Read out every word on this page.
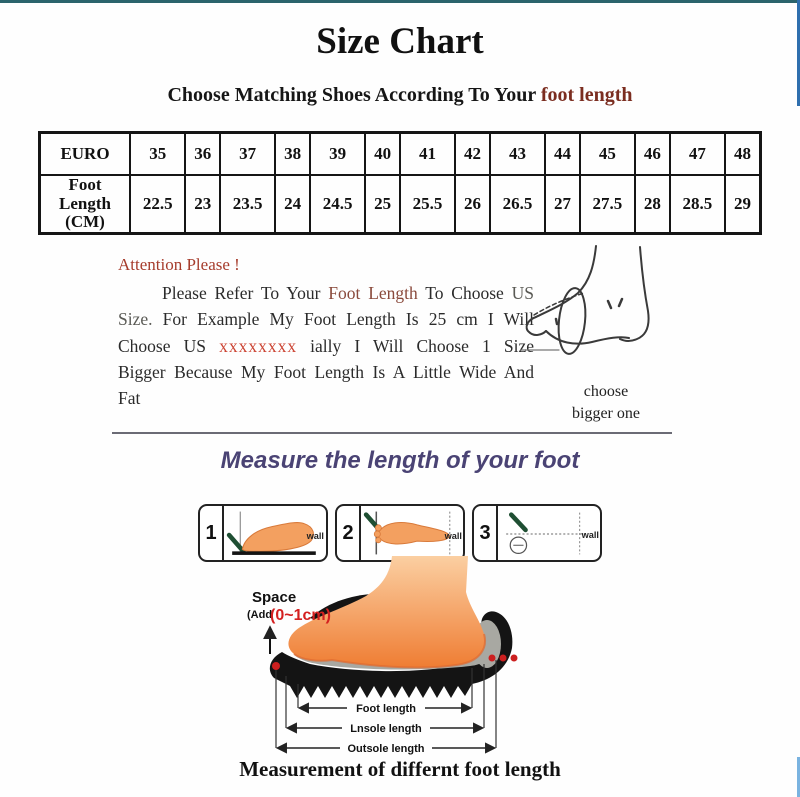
Size Chart
Choose Matching Shoes According To Your foot length
EURO	35	36	37	38	39	40	41	42	43	44	45	46	47	48

Foot
Length
(CM)	22.5	23	23.5	24	24.5	25	25.5	26	26.5	27	27.5	28	28.5	29

Attention Please !

Please Refer To Your Foot Length To Choose US Size. For Example My Foot Length Is 25 cm I Will Choose US xxxxxxxx ially I Will Choose 1 Size Bigger Because My Foot Length Is A Little Wide And Fat	choose
bigger one
Measure the length of your foot
1	wall 2	wall 3	wall
Space
(Add
(0~1cm)
Foot length
Lnsole length
Outsole length
Measurement of differnt foot length
